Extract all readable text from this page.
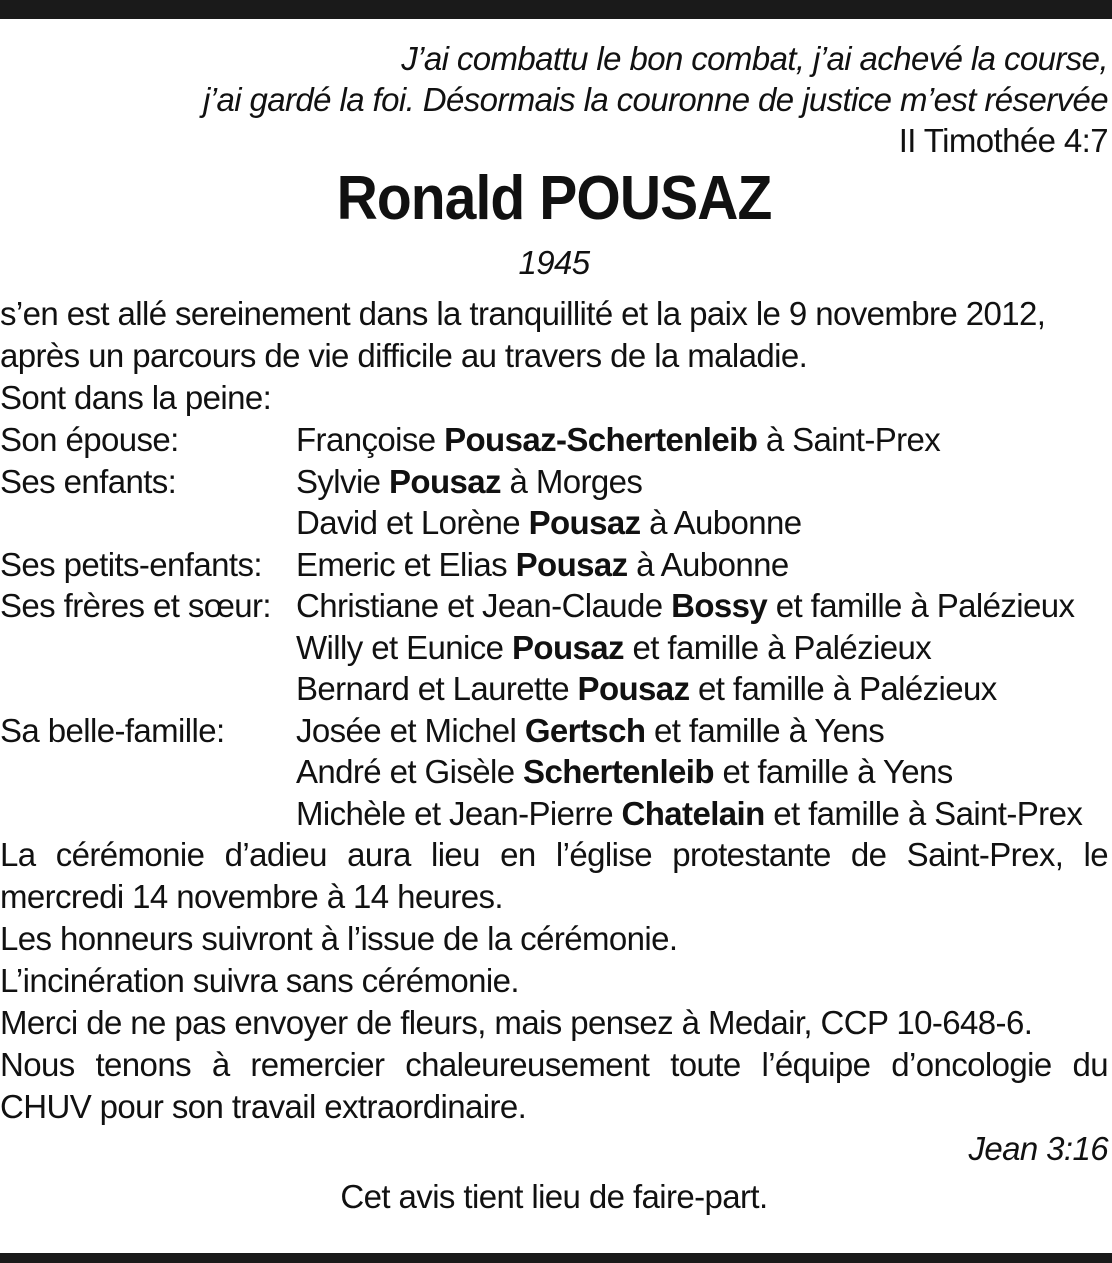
J’ai combattu le bon combat, j’ai achevé la course,
j’ai gardé la foi. Désormais la couronne de justice m’est réservée
II Timothée 4:7
Ronald POUSAZ
1945
s’en est allé sereinement dans la tranquillité et la paix le 9 novembre 2012,
après un parcours de vie difficile au travers de la maladie.
Sont dans la peine:
Son épouse:	Françoise Pousaz-Schertenleib à Saint-Prex
Ses enfants:	Sylvie Pousaz à Morges
David et Lorène Pousaz à Aubonne
Ses petits-enfants:	Emeric et Elias Pousaz à Aubonne
Ses frères et sœur: Christiane et Jean-Claude Bossy et famille à Palézieux
Willy et Eunice Pousaz et famille à Palézieux
Bernard et Laurette Pousaz et famille à Palézieux
Sa belle-famille:	Josée et Michel Gertsch et famille à Yens
André et Gisèle Schertenleib et famille à Yens
Michèle et Jean-Pierre Chatelain et famille à Saint-Prex
La cérémonie d’adieu aura lieu en l’église protestante de Saint-Prex, le mercredi 14 novembre à 14 heures.
Les honneurs suivront à l’issue de la cérémonie.
L’incinération suivra sans cérémonie.
Merci de ne pas envoyer de fleurs, mais pensez à Medair, CCP 10-648-6.
Nous tenons à remercier chaleureusement toute l’équipe d’oncologie du CHUV pour son travail extraordinaire.
Jean 3:16
Cet avis tient lieu de faire-part.
